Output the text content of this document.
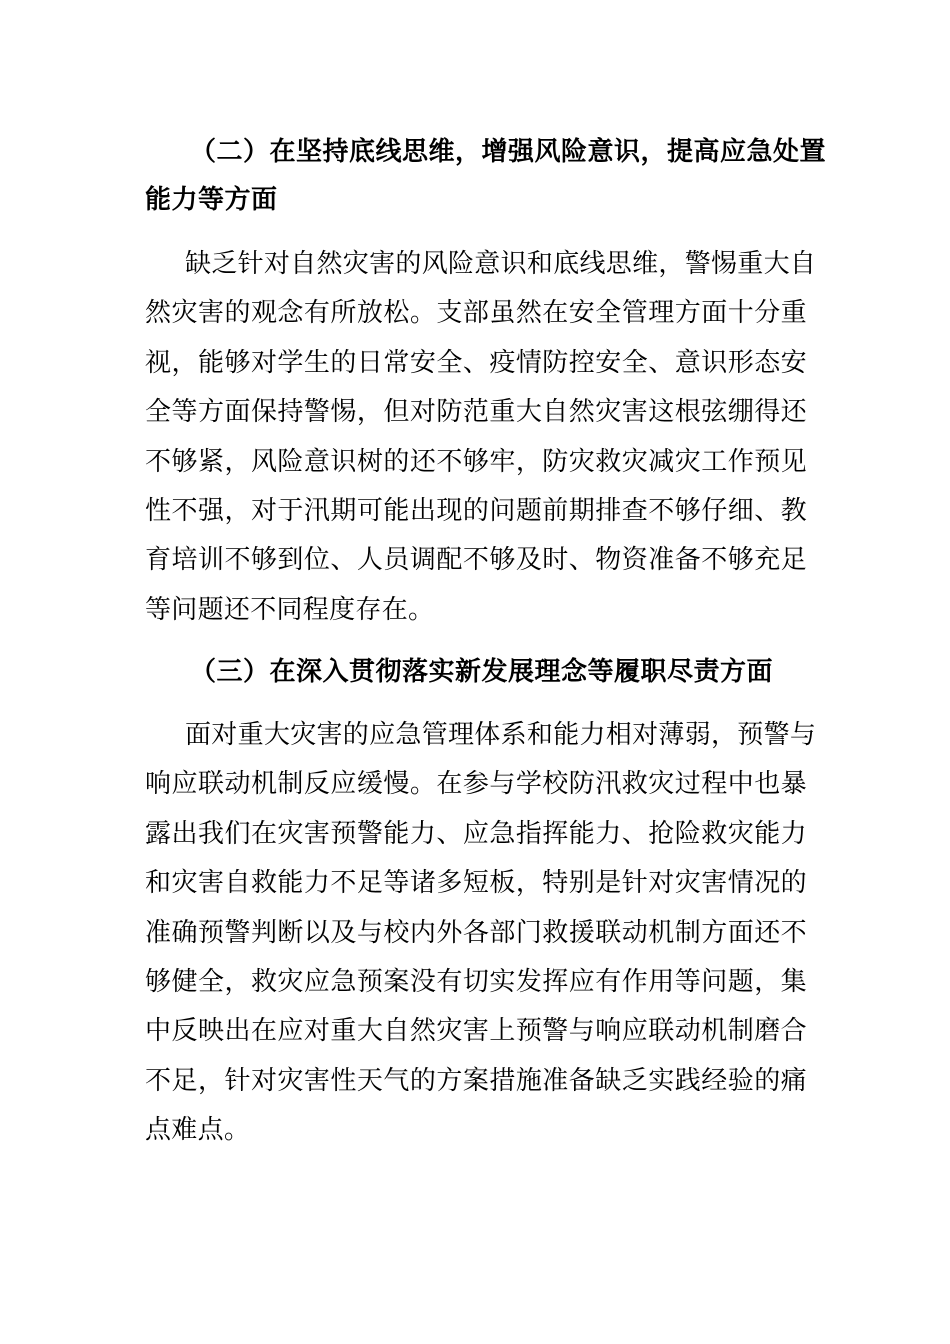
（二）在坚持底线思维，增强风险意识，提高应急处置
能力等方面
缺乏针对自然灾害的风险意识和底线思维，警惕重大自
然灾害的观念有所放松。支部虽然在安全管理方面十分重
视，能够对学生的日常安全、疫情防控安全、意识形态安
全等方面保持警惕，但对防范重大自然灾害这根弦绷得还
不够紧，风险意识树的还不够牢，防灾救灾减灾工作预见
性不强，对于汛期可能出现的问题前期排查不够仔细、教
育培训不够到位、人员调配不够及时、物资准备不够充足
等问题还不同程度存在。
（三）在深入贯彻落实新发展理念等履职尽责方面
面对重大灾害的应急管理体系和能力相对薄弱，预警与
响应联动机制反应缓慢。在参与学校防汛救灾过程中也暴
露出我们在灾害预警能力、应急指挥能力、抢险救灾能力
和灾害自救能力不足等诸多短板，特别是针对灾害情况的
准确预警判断以及与校内外各部门救援联动机制方面还不
够健全，救灾应急预案没有切实发挥应有作用等问题，集
中反映出在应对重大自然灾害上预警与响应联动机制磨合
不足，针对灾害性天气的方案措施准备缺乏实践经验的痛
点难点。
